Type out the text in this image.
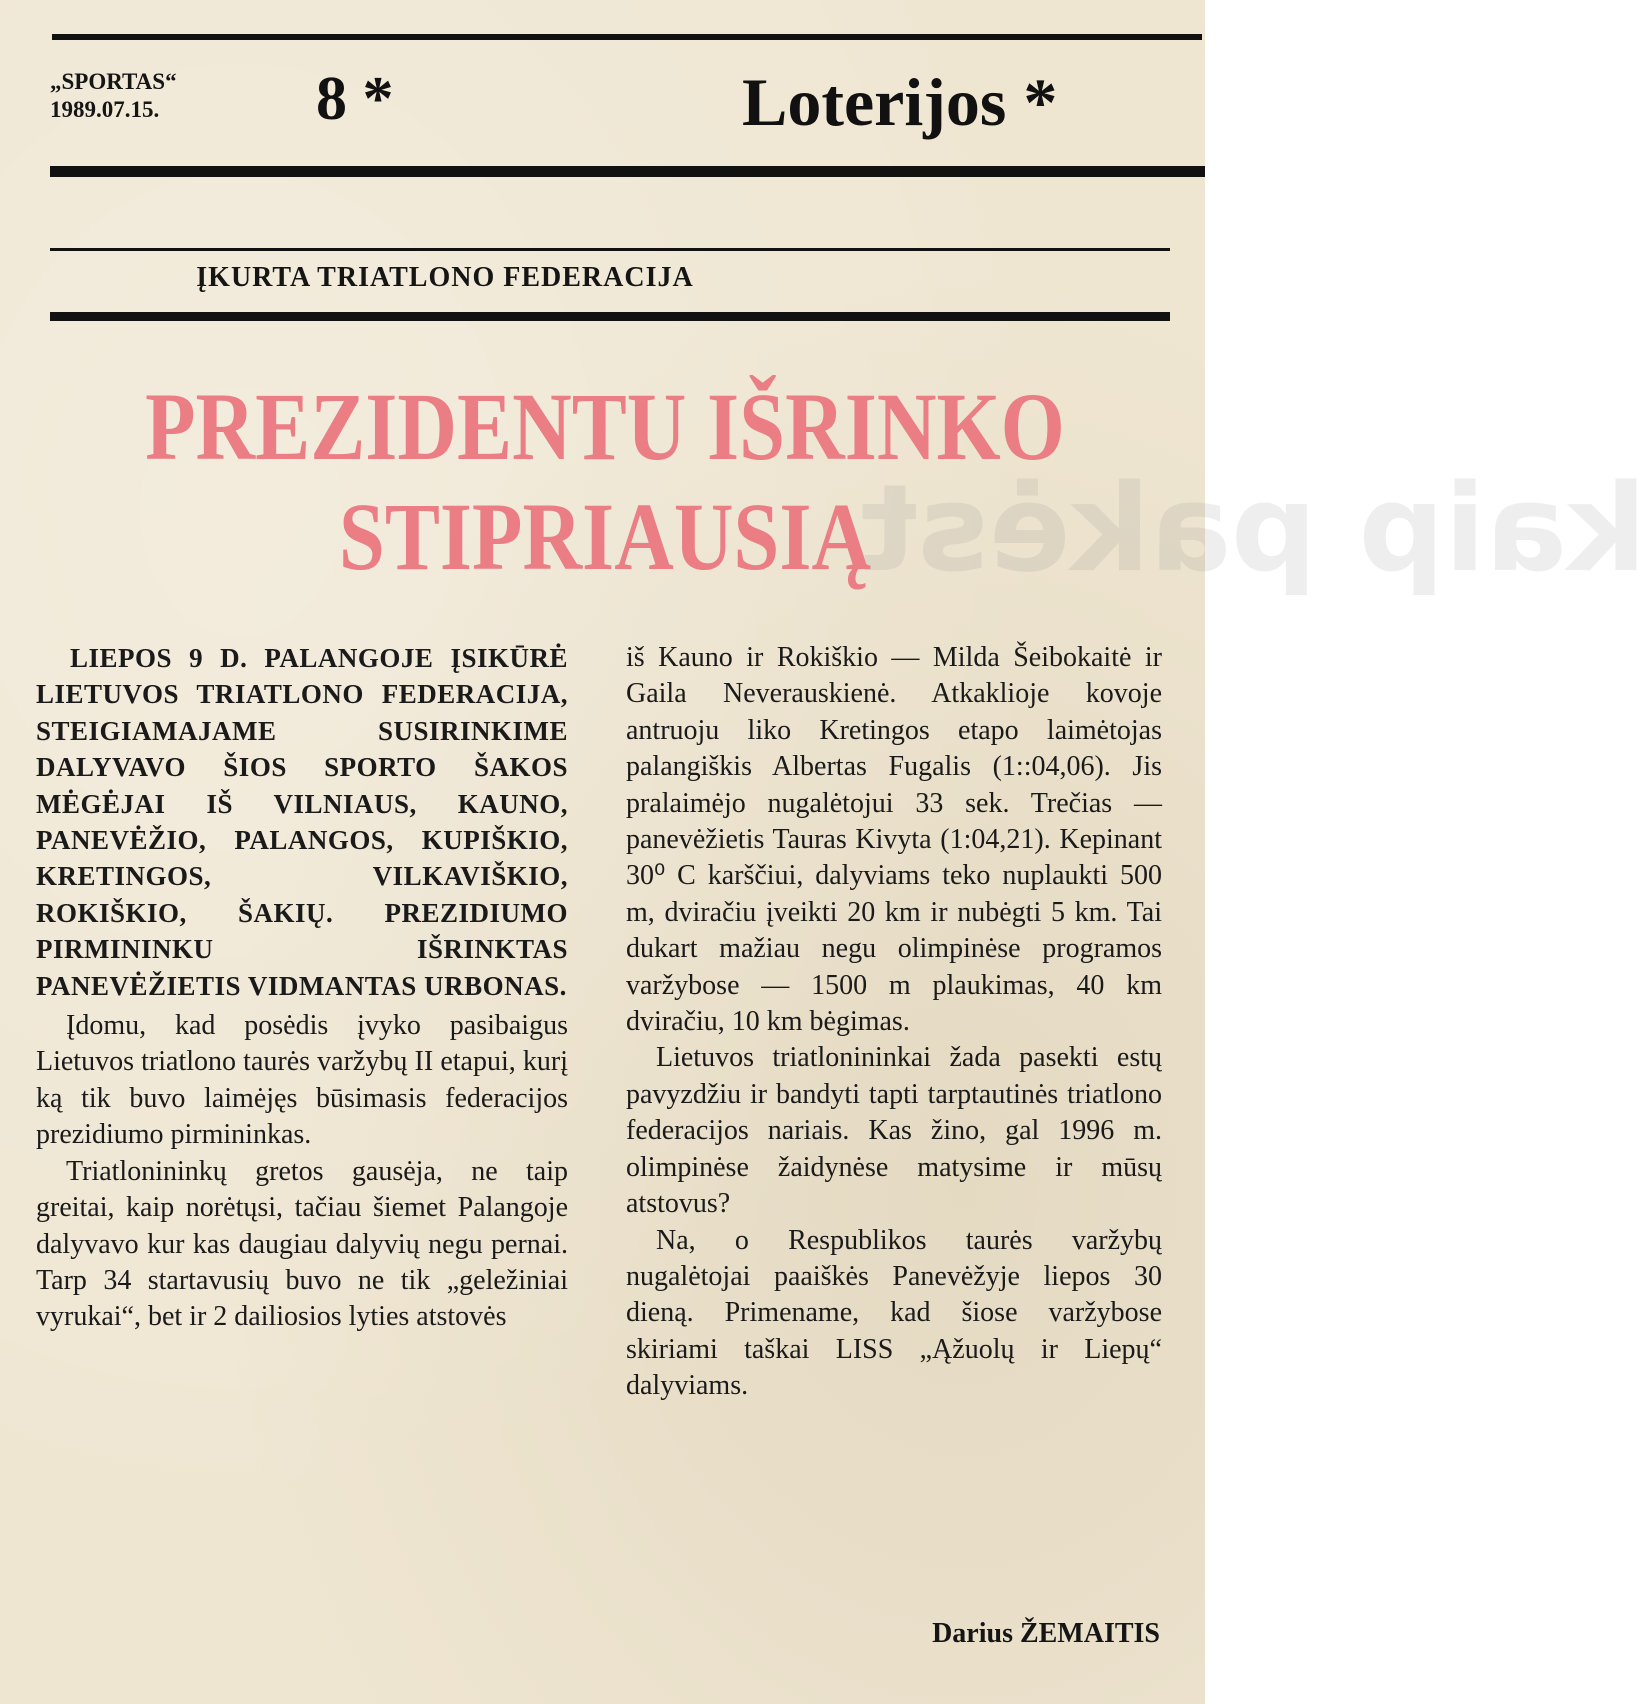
„SPORTAS“
1989.07.15.	8 *	Loterijos *
ĮKURTA TRIATLONO FEDERACIJA
kaip pakėst
PREZIDENTU IŠRINKO
STIPRIAUSIĄ

LIEPOS 9 D. PALANGOJE ĮSIKŪRĖ LIETUVOS TRIATLONO FEDERACIJA, STEIGIAMAJAME SUSIRINKIME DALYVAVO ŠIOS SPORTO ŠAKOS MĖGĖJAI IŠ VILNIAUS, KAUNO, PANEVĖŽIO, PALANGOS, KUPIŠKIO, KRETINGOS, VILKAVIŠKIO, ROKIŠKIO, ŠAKIŲ. PREZIDIUMO PIRMININKU IŠRINKTAS PANEVĖŽIETIS VIDMANTAS URBONAS.

Įdomu, kad posėdis įvyko pasibaigus Lietuvos triatlono taurės varžybų II etapui, kurį ką tik buvo laimėjęs būsimasis federacijos prezidiumo pirmininkas.

Triatlonininkų gretos gausėja, ne taip greitai, kaip norėtųsi, tačiau šiemet Palangoje dalyvavo kur kas daugiau dalyvių negu pernai. Tarp 34 startavusių buvo ne tik „geležiniai vyrukai“, bet ir 2 dailiosios lyties atstovės

iš Kauno ir Rokiškio — Milda Šeibokaitė ir Gaila Neverauskienė. Atkaklioje kovoje antruoju liko Kretingos etapo laimėtojas palangiškis Albertas Fugalis (1::04,06). Jis pralaimėjo nugalėtojui 33 sek. Trečias — panevėžietis Tauras Kivyta (1:04,21). Kepinant 30⁰ C karščiui, dalyviams teko nuplaukti 500 m, dviračiu įveikti 20 km ir nubėgti 5 km. Tai dukart mažiau negu olimpinėse programos varžybose — 1500 m plaukimas, 40 km dviračiu, 10 km bėgimas.

Lietuvos triatlonininkai žada pasekti estų pavyzdžiu ir bandyti tapti tarptautinės triatlono federacijos nariais. Kas žino, gal 1996 m. olimpinėse žaidynėse matysime ir mūsų atstovus?

Na, o Respublikos taurės varžybų nugalėtojai paaiškės Panevėžyje liepos 30 dieną. Primename, kad šiose varžybose skiriami taškai LISS „Ąžuolų ir Liepų“ dalyviams.

Darius ŽEMAITIS
